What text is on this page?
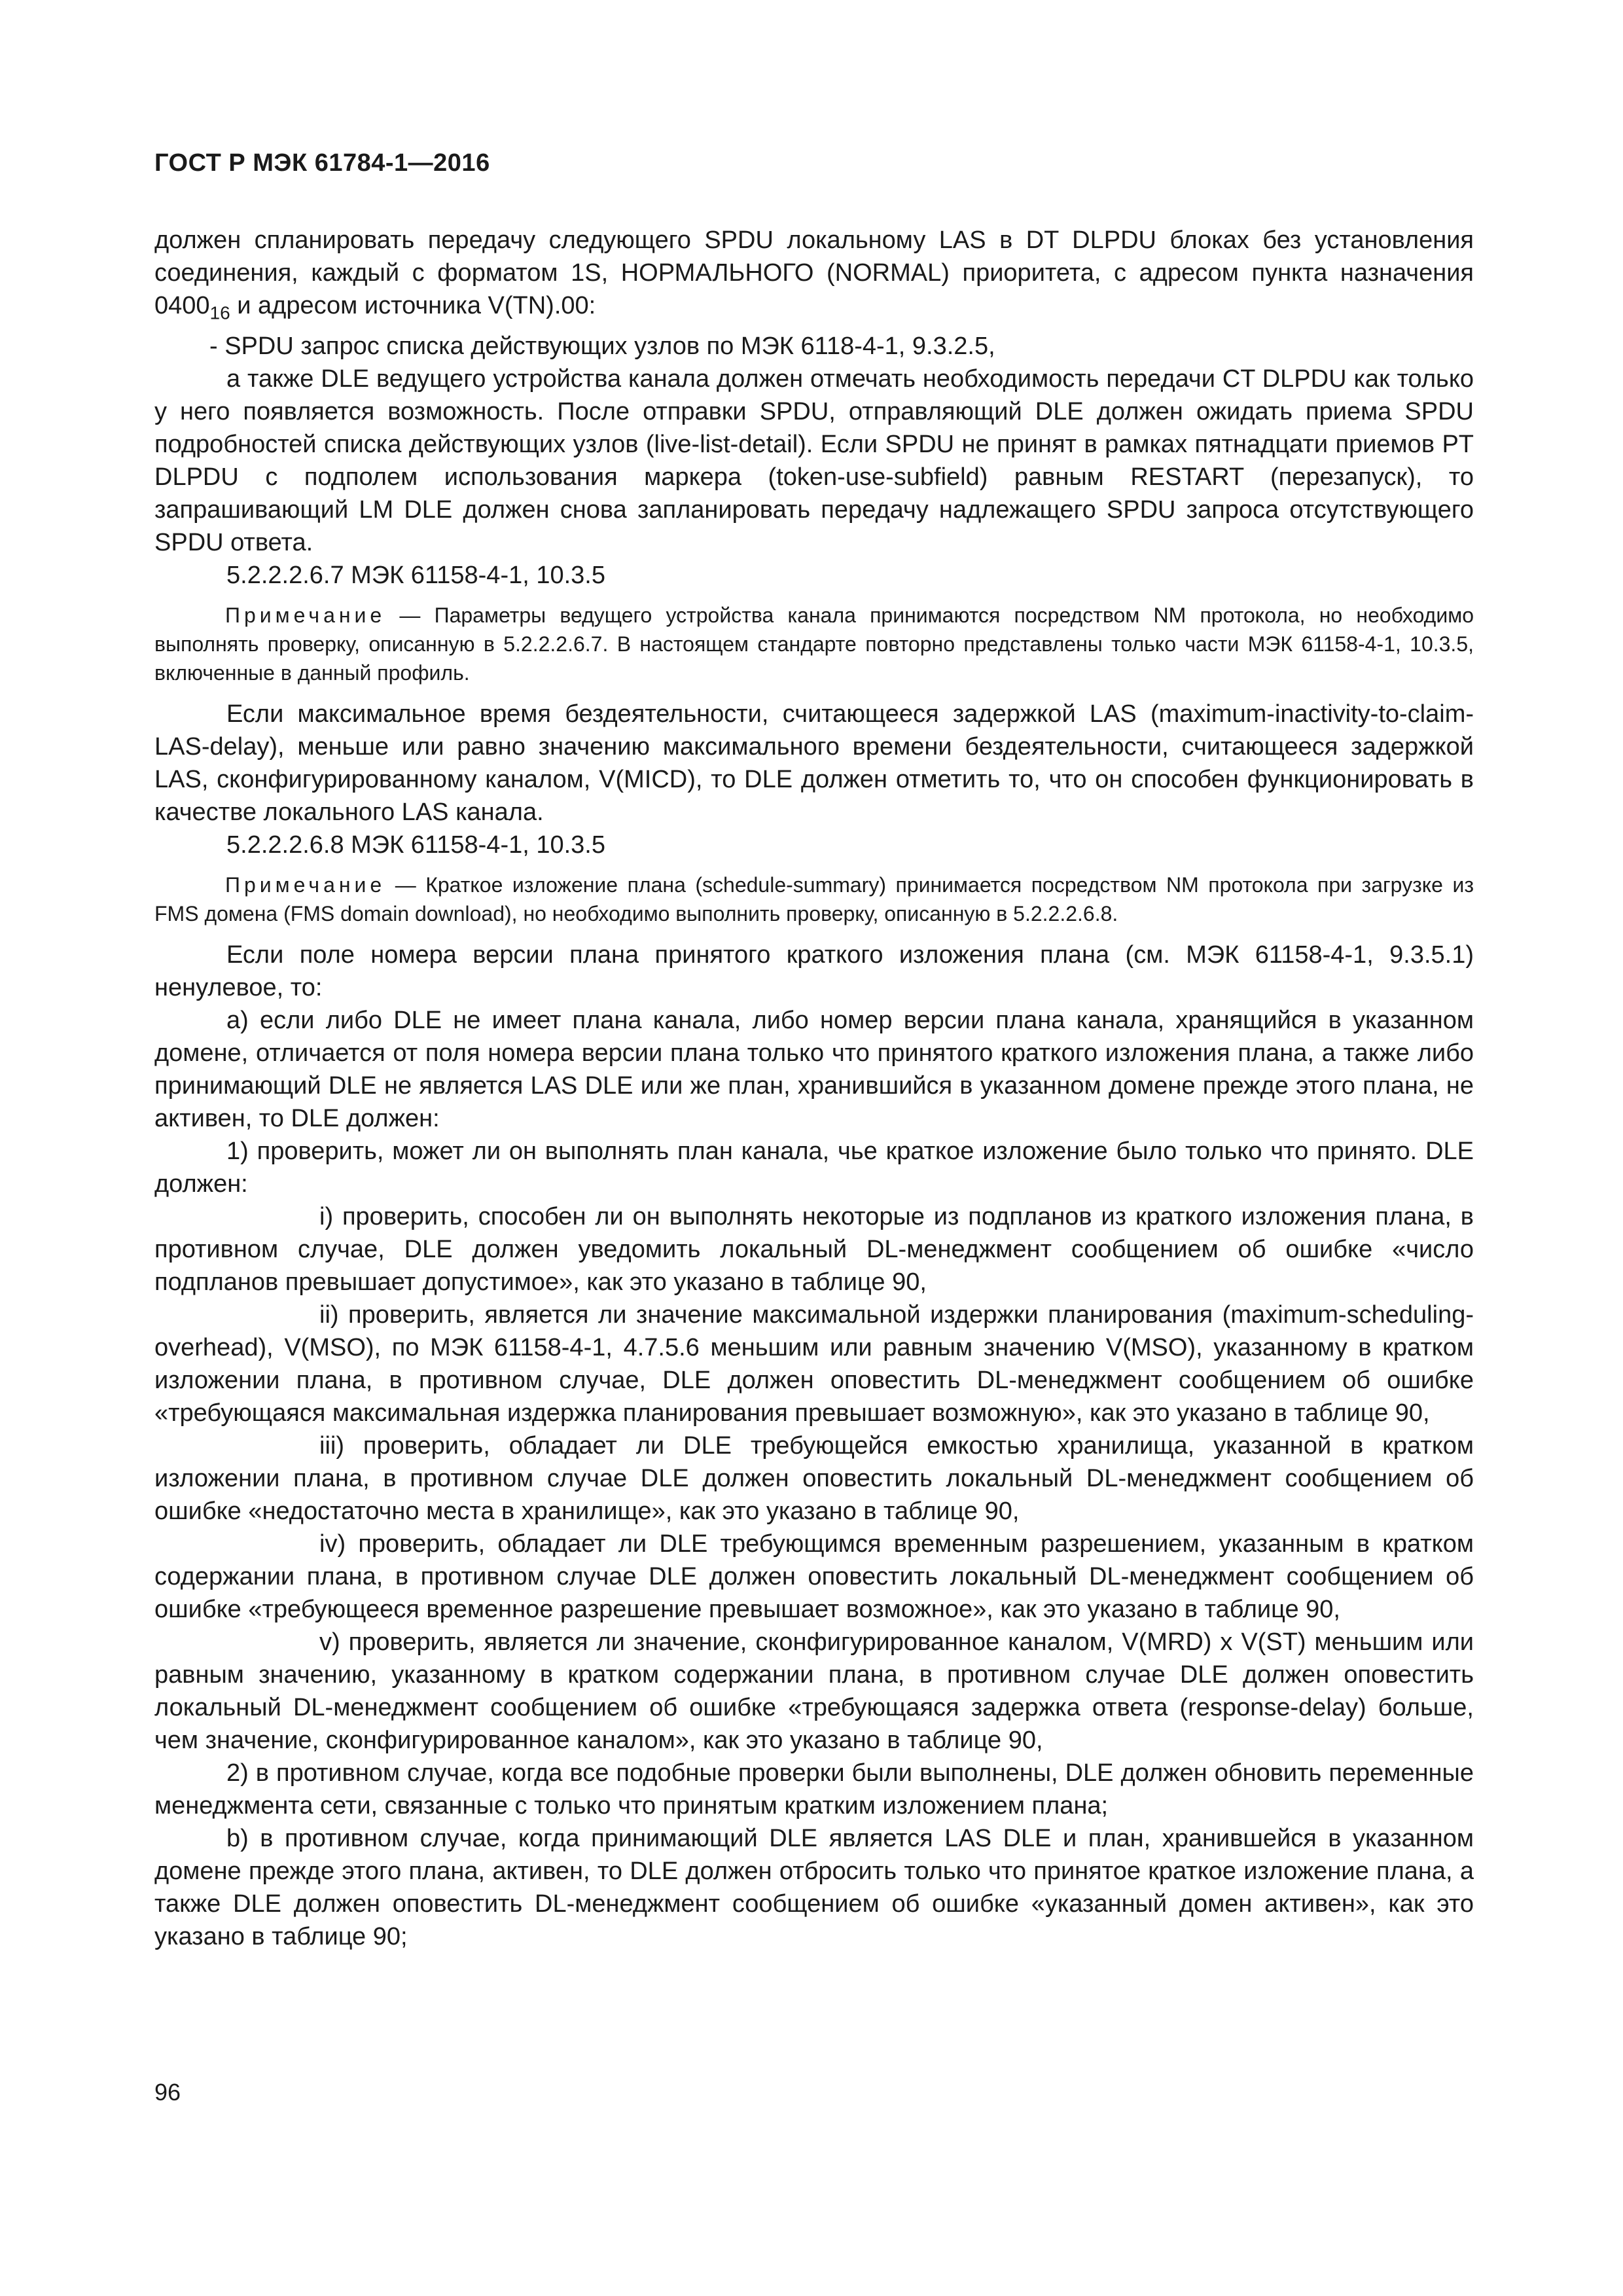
ГОСТ Р МЭК 61784-1—2016

должен спланировать передачу следующего SPDU локальному LAS в DT DLPDU блоках без установления соединения, каждый с форматом 1S, НОРМАЛЬНОГО (NORMAL) приоритета, с адресом пункта назначения $0400_{16}$ и адресом источника V(TN).00:

- SPDU запрос списка действующих узлов по МЭК 6118-4-1, 9.3.2.5,

а также DLE ведущего устройства канала должен отмечать необходимость передачи CT DLPDU как только у него появляется возможность. После отправки SPDU, отправляющий DLE должен ожидать приема SPDU подробностей списка действующих узлов (live-list-detail). Если SPDU не принят в рамках пятнадцати приемов PT DLPDU с подполем использования маркера (token-use-subfield) равным RESTART (перезапуск), то запрашивающий LM DLE должен снова запланировать передачу надлежащего SPDU запроса отсутствующего SPDU ответа.

5.2.2.2.6.7 МЭК 61158-4-1, 10.3.5

Примечание — Параметры ведущего устройства канала принимаются посредством NM протокола, но необходимо выполнять проверку, описанную в 5.2.2.2.6.7. В настоящем стандарте повторно представлены только части МЭК 61158-4-1, 10.3.5, включенные в данный профиль.

Если максимальное время бездеятельности, считающееся задержкой LAS (maximum-inactivity-to-claim-LAS-delay), меньше или равно значению максимального времени бездеятельности, считающееся задержкой LAS, сконфигурированному каналом, V(MICD), то DLE должен отметить то, что он способен функционировать в качестве локального LAS канала.

5.2.2.2.6.8 МЭК 61158-4-1, 10.3.5

Примечание — Краткое изложение плана (schedule-summary) принимается посредством NM протокола при загрузке из FMS домена (FMS domain download), но необходимо выполнить проверку, описанную в 5.2.2.2.6.8.

Если поле номера версии плана принятого краткого изложения плана (см. МЭК 61158-4-1, 9.3.5.1) ненулевое, то:

а) если либо DLE не имеет плана канала, либо номер версии плана канала, хранящийся в указанном домене, отличается от поля номера версии плана только что принятого краткого изложения плана, а также либо принимающий DLE не является LAS DLE или же план, хранившийся в указанном домене прежде этого плана, не активен, то DLE должен:

1) проверить, может ли он выполнять план канала, чье краткое изложение было только что принято. DLE должен:

i) проверить, способен ли он выполнять некоторые из подпланов из краткого изложения плана, в противном случае, DLE должен уведомить локальный DL-менеджмент сообщением об ошибке «число подпланов превышает допустимое», как это указано в таблице 90,

ii) проверить, является ли значение максимальной издержки планирования (maximum-scheduling-overhead), V(MSO), по МЭК 61158-4-1, 4.7.5.6 меньшим или равным значению V(MSO), указанному в кратком изложении плана, в противном случае, DLE должен оповестить DL-менеджмент сообщением об ошибке «требующаяся максимальная издержка планирования превышает возможную», как это указано в таблице 90,

iii) проверить, обладает ли DLE требующейся емкостью хранилища, указанной в кратком изложении плана, в противном случае DLE должен оповестить локальный DL-менеджмент сообщением об ошибке «недостаточно места в хранилище», как это указано в таблице 90,

iv) проверить, обладает ли DLE требующимся временным разрешением, указанным в кратком содержании плана, в противном случае DLE должен оповестить локальный DL-менеджмент сообщением об ошибке «требующееся временное разрешение превышает возможное», как это указано в таблице 90,

v) проверить, является ли значение, сконфигурированное каналом, V(MRD) x V(ST) меньшим или равным значению, указанному в кратком содержании плана, в противном случае DLE должен оповестить локальный DL-менеджмент сообщением об ошибке «требующаяся задержка ответа (response-delay) больше, чем значение, сконфигурированное каналом», как это указано в таблице 90,

2) в противном случае, когда все подобные проверки были выполнены, DLE должен обновить переменные менеджмента сети, связанные с только что принятым кратким изложением плана;

b) в противном случае, когда принимающий DLE является LAS DLE и план, хранившейся в указанном домене прежде этого плана, активен, то DLE должен отбросить только что принятое краткое изложение плана, а также DLE должен оповестить DL-менеджмент сообщением об ошибке «указанный домен активен», как это указано в таблице 90;

96
